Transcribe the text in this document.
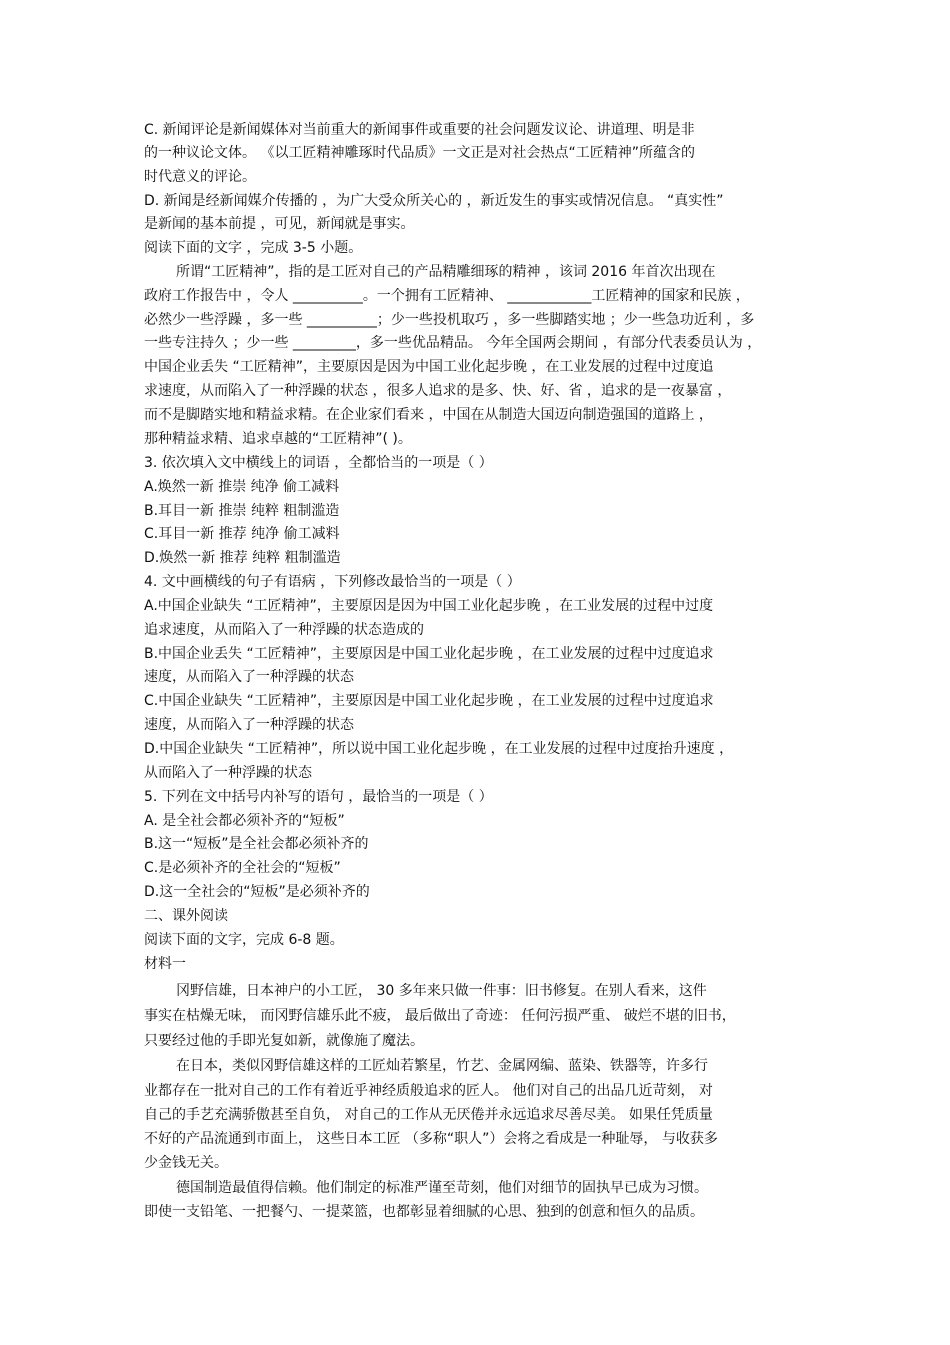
C. 新闻评论是新闻媒体对当前重大的新闻事件或重要的社会问题发议论、讲道理、明是非
的一种议论文体。 《以工匠精神雕琢时代品质》一文正是对社会热点“工匠精神”所蕴含的
时代意义的评论。
D. 新闻是经新闻媒介传播的 ，为广大受众所关心的 ，新近发生的事实或情况信息。 “真实性”
是新闻的基本前提 ，可见，新闻就是事实。
阅读下面的文字 ，完成 3-5 小题。
所谓“工匠精神”，指的是工匠对自己的产品精雕细琢的精神 ，该词 2016 年首次出现在
政府工作报告中 ，令人 __________。一个拥有工匠精神、 ____________工匠精神的国家和民族 ，
必然少一些浮躁 ，多一些 __________；少一些投机取巧 ，多一些脚踏实地 ；少一些急功近利 ，多
一些专注持久 ；少一些 _________，多一些优品精品。 今年全国两会期间 ，有部分代表委员认为 ，
中国企业丢失 “工匠精神”，主要原因是因为中国工业化起步晚 ，在工业发展的过程中过度追
求速度，从而陷入了一种浮躁的状态 ，很多人追求的是多、快、好、省 ，追求的是一夜暴富 ，
而不是脚踏实地和精益求精。在企业家们看来 ，中国在从制造大国迈向制造强国的道路上 ，
那种精益求精、追求卓越的“工匠精神”( )。
3. 依次填入文中横线上的词语 ，全都恰当的一项是（ ）
A.焕然一新 推崇 纯净 偷工减料
B.耳目一新 推崇 纯粹 粗制滥造
C.耳目一新 推荐 纯净 偷工减料
D.焕然一新 推荐 纯粹 粗制滥造
4. 文中画横线的句子有语病 ，下列修改最恰当的一项是（ ）
A.中国企业缺失 “工匠精神”，主要原因是因为中国工业化起步晚 ，在工业发展的过程中过度
追求速度，从而陷入了一种浮躁的状态造成的
B.中国企业丢失 “工匠精神”，主要原因是中国工业化起步晚 ，在工业发展的过程中过度追求
速度，从而陷入了一种浮躁的状态
C.中国企业缺失 “工匠精神”，主要原因是中国工业化起步晚 ，在工业发展的过程中过度追求
速度，从而陷入了一种浮躁的状态
D.中国企业缺失 “工匠精神”，所以说中国工业化起步晚 ，在工业发展的过程中过度抬升速度 ，
从而陷入了一种浮躁的状态
5. 下列在文中括号内补写的语句 ，最恰当的一项是（ ）
A. 是全社会都必须补齐的“短板”
B.这一“短板”是全社会都必须补齐的
C.是必须补齐的全社会的“短板”
D.这一全社会的“短板”是必须补齐的
二、课外阅读
阅读下面的文字，完成 6-8 题。
材料一
冈野信雄，日本神户的小工匠， 30 多年来只做一件事：旧书修复。在别人看来，这件
事实在枯燥无味， 而冈野信雄乐此不疲， 最后做出了奇迹： 任何污损严重、 破烂不堪的旧书，
只要经过他的手即光复如新，就像施了魔法。
在日本，类似冈野信雄这样的工匠灿若繁星，竹艺、金属网编、蓝染、铁器等，许多行
业都存在一批对自己的工作有着近乎神经质般追求的匠人。 他们对自己的出品几近苛刻， 对
自己的手艺充满骄傲甚至自负， 对自己的工作从无厌倦并永远追求尽善尽美。 如果任凭质量
不好的产品流通到市面上， 这些日本工匠 （多称“职人”）会将之看成是一种耻辱， 与收获多
少金钱无关。
德国制造最值得信赖。他们制定的标准严谨至苛刻，他们对细节的固执早已成为习惯。
即使一支铅笔、一把餐勺、一提菜篮，也都彰显着细腻的心思、独到的创意和恒久的品质。
